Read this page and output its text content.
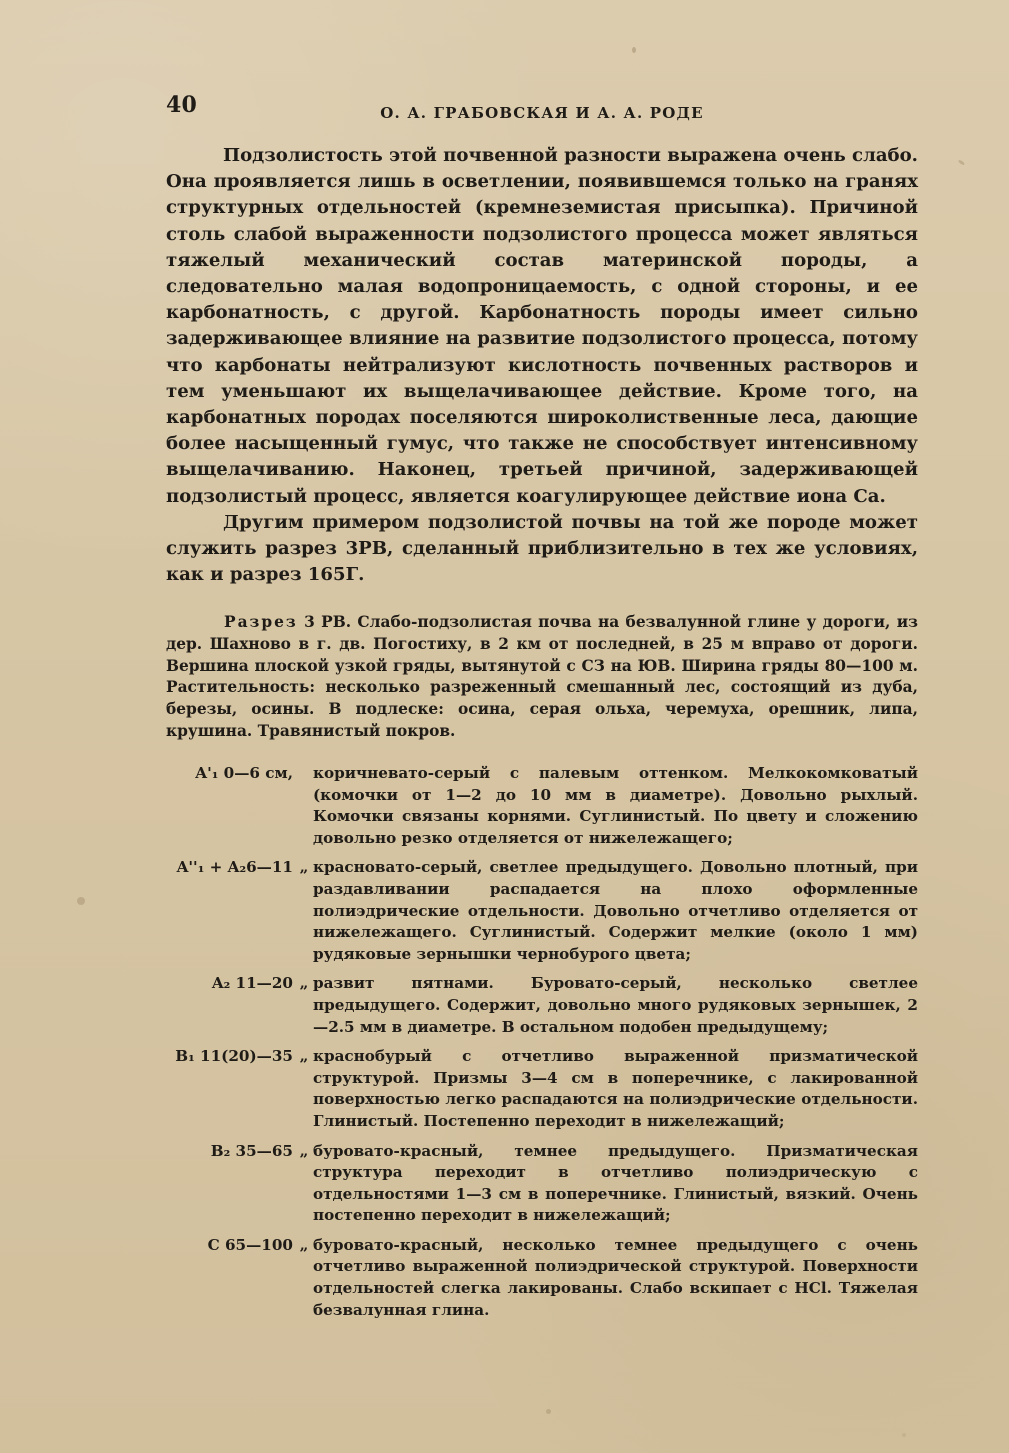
40	О. А. ГРАБОВСКАЯ И А. А. РОДЕ

Подзолистость этой почвенной разности выражена очень слабо. Она проявляется лишь в осветлении, появившемся только на гранях структурных отдельностей (кремнеземистая присыпка). Причиной столь слабой выраженности подзолистого процесса может являться тяжелый механический состав материнской породы, а следовательно малая водопроницаемость, с одной стороны, и ее карбонатность, с другой. Карбонатность породы имеет сильно задерживающее влияние на развитие подзолистого процесса, потому что карбонаты нейтрализуют кислотность почвенных растворов и тем уменьшают их выщелачивающее действие. Кроме того, на карбонатных породах поселяются широколиственные леса, дающие более насыщенный гумус, что также не способствует интенсивному выщелачиванию. Наконец, третьей причиной, задерживающей подзолистый процесс, является коагулирующее действие иона Са.

Другим примером подзолистой почвы на той же породе может служить разрез 3РВ, сделанный приблизительно в тех же условиях, как и разрез 165Г.

Разрез 3 РВ. Слабо-подзолистая почва на безвалунной глине у дороги, из дер. Шахново в г. дв. Погостиху, в 2 км от последней, в 25 м вправо от дороги. Вершина плоской узкой гряды, вытянутой с СЗ на ЮВ. Ширина гряды 80—100 м. Растительность: несколько разреженный смешанный лес, состоящий из дуба, березы, осины. В подлеске: осина, серая ольха, черемуха, орешник, липа, крушина. Травянистый покров.
A'₁ 0—6 см, коричневато-серый с палевым оттенком. Мелкокомковатый (комочки от 1—2 до 10 мм в диаметре). Довольно рыхлый. Комочки связаны корнями. Суглинистый. По цвету и сложению довольно резко отделяется от нижележащего;
A''₁ + A₂6—11 „ красновато-серый, светлее предыдущего. Довольно плотный, при раздавливании распадается на плохо оформленные полиэдрические отдельности. Довольно отчетливо отделяется от нижележащего. Суглинистый. Содержит мелкие (около 1 мм) рудяковые зернышки чернобурого цвета;
A₂ 11—20 „ развит пятнами. Буровато-серый, несколько светлее предыдущего. Содержит, довольно много рудяковых зернышек, 2—2.5 мм в диаметре. В остальном подобен предыдущему;
B₁ 11(20)—35 „ краснобурый с отчетливо выраженной призматической структурой. Призмы 3—4 см в поперечнике, с лакированной поверхностью легко распадаются на полиэдрические отдельности. Глинистый. Постепенно переходит в нижележащий;
B₂ 35—65 „ буровато-красный, темнее предыдущего. Призматическая структура переходит в отчетливо полиэдрическую с отдельностями 1—3 см в поперечнике. Глинистый, вязкий. Очень постепенно переходит в нижележащий;
C 65—100 „ буровато-красный, несколько темнее предыдущего с очень отчетливо выраженной полиэдрической структурой. Поверхности отдельностей слегка лакированы. Слабо вскипает с HCl. Тяжелая безвалунная глина.
